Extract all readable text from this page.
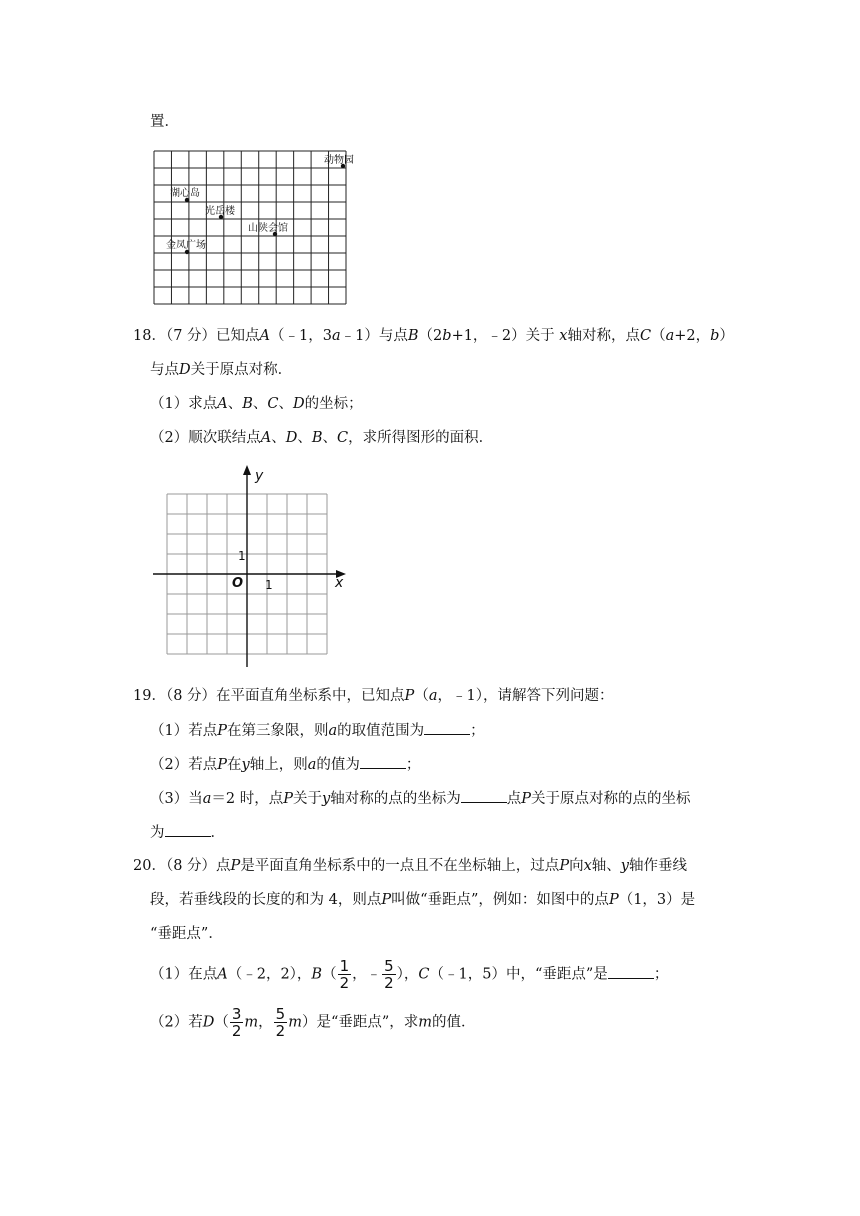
置．
动物园
湖心岛
光岳楼
山陕会馆
金凤广场
18．（7 分）已知点A（﹣1，3a﹣1）与点B（2b+1，﹣2）关于 x轴对称，点C（a+2，b）
与点D关于原点对称．
（1）求点A、B、C、D的坐标；
（2）顺次联结点A、D、B、C，求所得图形的面积．
y
x
O
1
1
19．（8 分）在平面直角坐标系中，已知点P（a，﹣1），请解答下列问题：
（1）若点P在第三象限，则a的取值范围为	；
（2）若点P在y轴上，则a的值为	；
（3）当a＝2 时，点P关于y轴对称的点的坐标为	点P关于原点对称的点的坐标
为	．
20．（8 分）点P是平面直角坐标系中的一点且不在坐标轴上，过点P向x轴、y轴作垂线
段，若垂线段的长度的和为 4，则点P叫做“垂距点”，例如：如图中的点P（1，3）是
“垂距点”．
（1）在点A（﹣2，2），$B( \frac{1}{2}$ ，﹣ $\frac{5}{2}$ ），C（﹣1，5）中，“垂距点”是	；
（2）若$D( \frac{3}{2}$ m， $\frac{5}{2} m$）是“垂距点”，求m的值．
